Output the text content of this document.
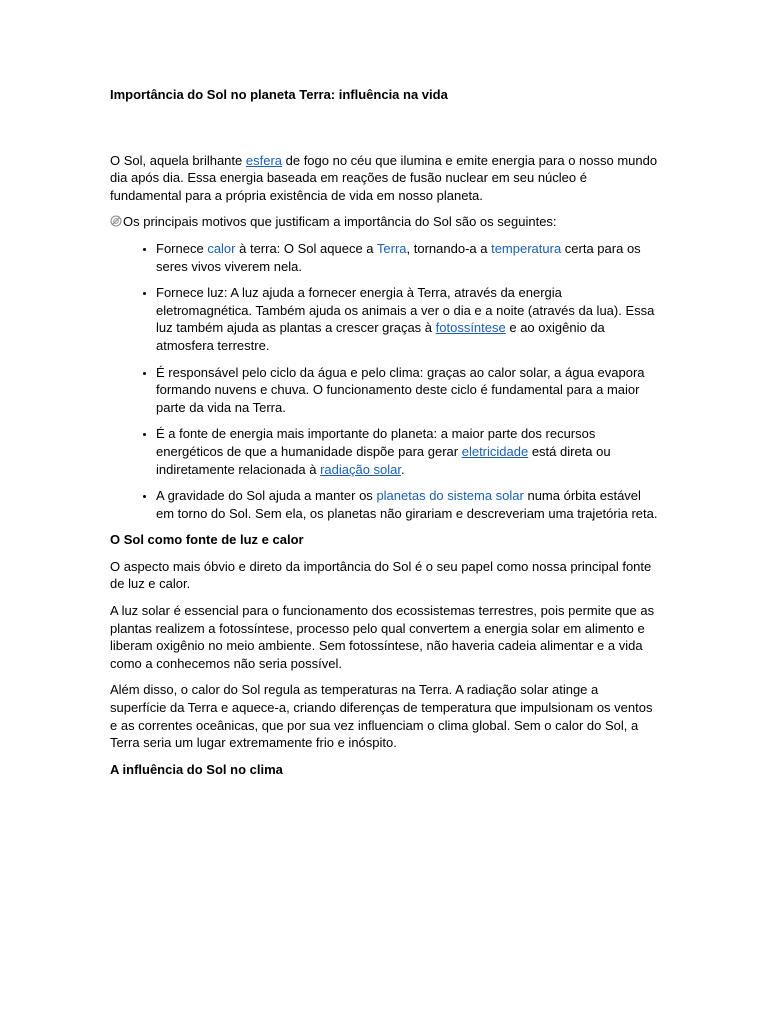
Importância do Sol no planeta Terra: influência na vida

O Sol, aquela brilhante esfera de fogo no céu que ilumina e emite energia para o nosso mundo dia após dia. Essa energia baseada em reações de fusão nuclear em seu núcleo é fundamental para a própria existência de vida em nosso planeta.

Os principais motivos que justificam a importância do Sol são os seguintes:

• Fornece calor à terra: O Sol aquece a Terra, tornando-a a temperatura certa para os seres vivos viverem nela.
• Fornece luz: A luz ajuda a fornecer energia à Terra, através da energia eletromagnética. Também ajuda os animais a ver o dia e a noite (através da lua). Essa luz também ajuda as plantas a crescer graças à fotossíntese e ao oxigênio da atmosfera terrestre.
• É responsável pelo ciclo da água e pelo clima: graças ao calor solar, a água evapora formando nuvens e chuva. O funcionamento deste ciclo é fundamental para a maior parte da vida na Terra.
• É a fonte de energia mais importante do planeta: a maior parte dos recursos energéticos de que a humanidade dispõe para gerar eletricidade está direta ou indiretamente relacionada à radiação solar.
• A gravidade do Sol ajuda a manter os planetas do sistema solar numa órbita estável em torno do Sol. Sem ela, os planetas não girariam e descreveriam uma trajetória reta.

O Sol como fonte de luz e calor

O aspecto mais óbvio e direto da importância do Sol é o seu papel como nossa principal fonte de luz e calor.

A luz solar é essencial para o funcionamento dos ecossistemas terrestres, pois permite que as plantas realizem a fotossíntese, processo pelo qual convertem a energia solar em alimento e liberam oxigênio no meio ambiente. Sem fotossíntese, não haveria cadeia alimentar e a vida como a conhecemos não seria possível.

Além disso, o calor do Sol regula as temperaturas na Terra. A radiação solar atinge a superfície da Terra e aquece-a, criando diferenças de temperatura que impulsionam os ventos e as correntes oceânicas, que por sua vez influenciam o clima global. Sem o calor do Sol, a Terra seria um lugar extremamente frio e inóspito.

A influência do Sol no clima
